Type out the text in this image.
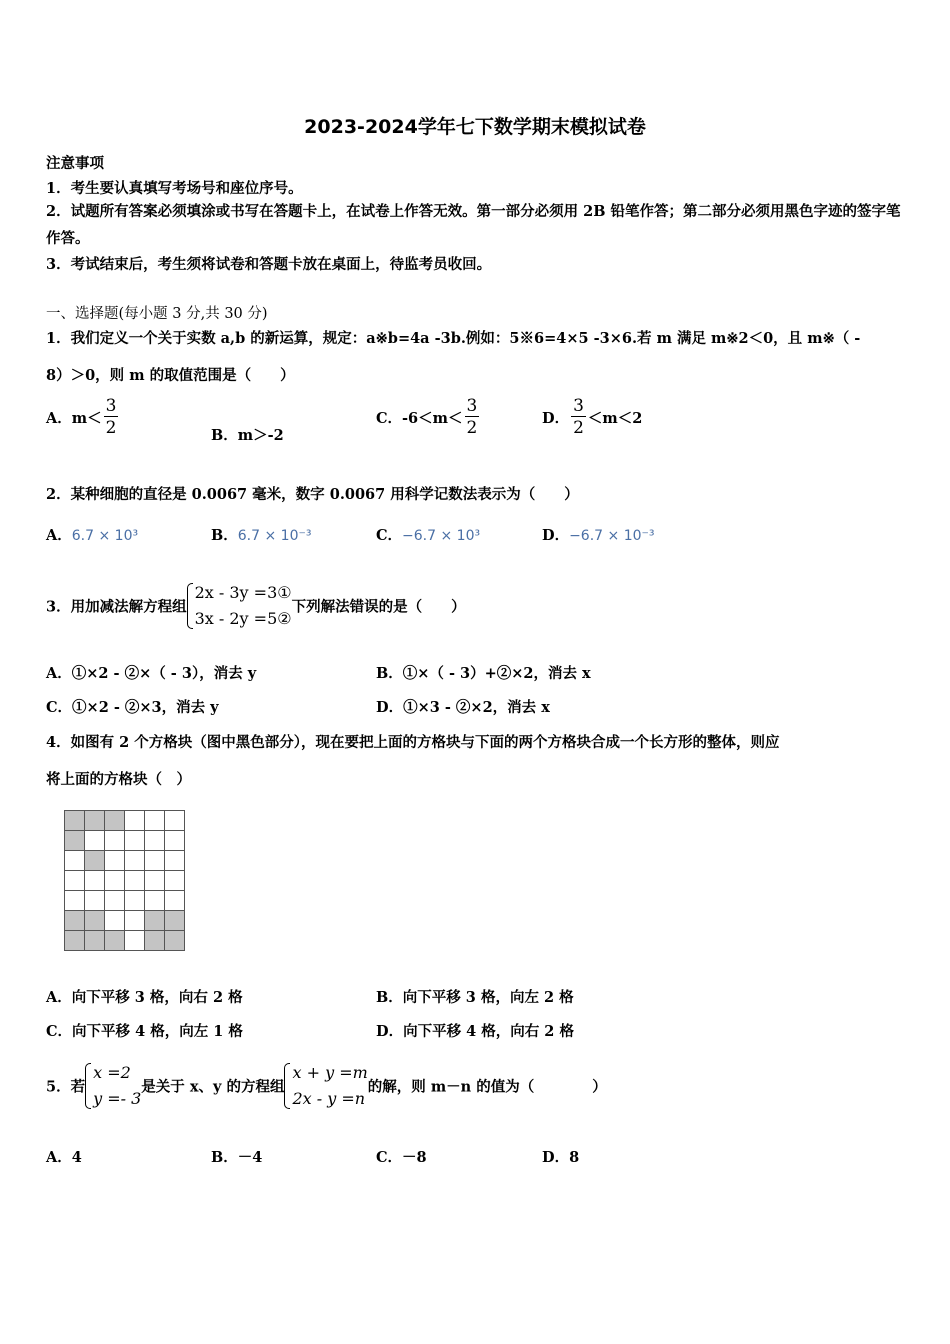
2023-2024学年七下数学期末模拟试卷
注意事项
1．考生要认真填写考场号和座位序号。
2．试题所有答案必须填涂或书写在答题卡上，在试卷上作答无效。第一部分必须用 2B 铅笔作答；第二部分必须用黑色字迹的签字笔作答。
3．考试结束后，考生须将试卷和答题卡放在桌面上，待监考员收回。
一、选择题(每小题 3 分,共 30 分)
1．我们定义一个关于实数 a,b 的新运算，规定：a※b=4a -3b.例如：5※6=4×5 -3×6.若 m 满足 m※2＜0，且 m※（ -
8）＞0，则 m 的取值范围是（　　）
A．$m< \frac{3}{2}$	B．m＞-2
C．$-6<m< \frac{3}{2}$	D． $\frac{3}{2} <m<2$
2．某种细胞的直径是 0.0067 毫米，数字 0.0067 用科学记数法表示为（　　）
A．6.7 × 10³	B．6.7 × 10⁻³	C．−6.7 × 10³	D．−6.7 × 10⁻³
3．用加减法解方程组
2x - 3y =3①
3x - 2y =5②
下列解法错误的是（　　）
A．①×2 - ②×（ - 3），消去 y	B．①×（ - 3）+②×2，消去 x
C．①×2 - ②×3，消去 y	D．①×3 - ②×2，消去 x
4．如图有 2 个方格块（图中黑色部分），现在要把上面的方格块与下面的两个方格块合成一个长方形的整体，则应
将上面的方格块（　）

A．向下平移 3 格，向右 2 格	B．向下平移 3 格，向左 2 格
C．向下平移 4 格，向左 1 格	D．向下平移 4 格，向右 2 格
5．若
x =2
y =- 3
是关于 x、y 的方程组
x + y =m
2x - y =n
的解，则 m－n 的值为（　　　　）
A．4	B．－4	C．－8	D．8
